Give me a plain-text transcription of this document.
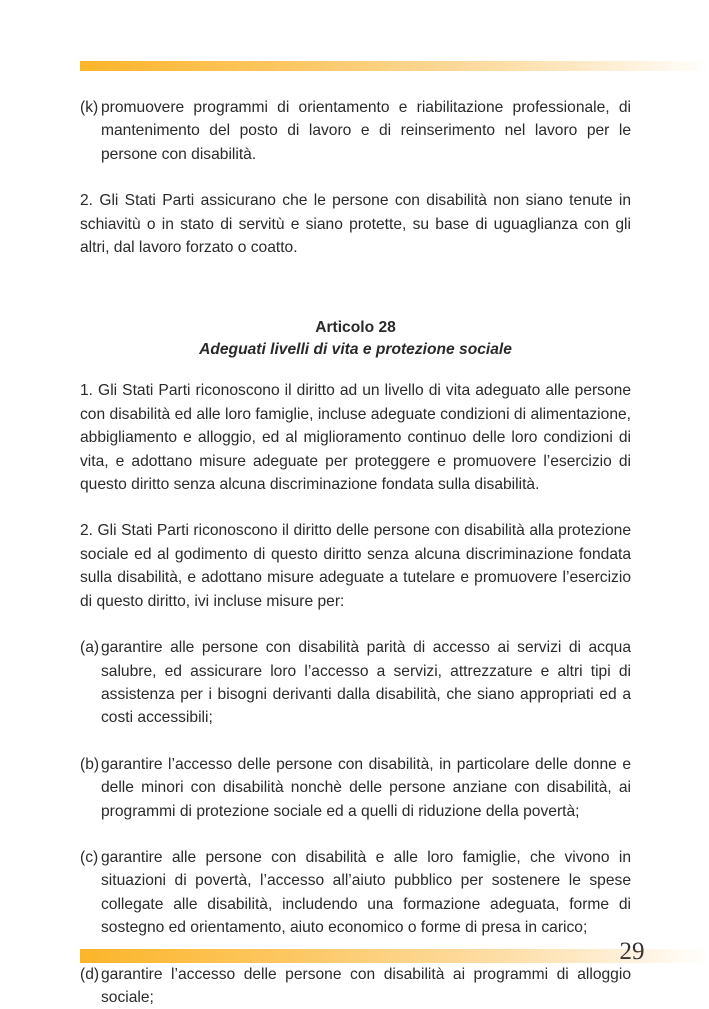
(k) promuovere programmi di orientamento e riabilitazione professionale, di mantenimento del posto di lavoro e di reinserimento nel lavoro per le persone con disabilità.

2. Gli Stati Parti assicurano che le persone con disabilità non siano tenute in schiavitù o in stato di servitù e siano protette, su base di uguaglianza con gli altri, dal lavoro forzato o coatto.

Articolo 28
Adeguati livelli di vita e protezione sociale

1. Gli Stati Parti riconoscono il diritto ad un livello di vita adeguato alle persone con disabilità ed alle loro famiglie, incluse adeguate condizioni di alimentazione, abbigliamento e alloggio, ed al miglioramento continuo delle loro condizioni di vita, e adottano misure adeguate per proteggere e promuovere l’esercizio di questo diritto senza alcuna discriminazione fondata sulla disabilità.

2. Gli Stati Parti riconoscono il diritto delle persone con disabilità alla protezione sociale ed al godimento di questo diritto senza alcuna discriminazione fondata sulla disabilità, e adottano misure adeguate a tutelare e promuovere l’esercizio di questo diritto, ivi incluse misure per:

(a) garantire alle persone con disabilità parità di accesso ai servizi di acqua salubre, ed assicurare loro l’accesso a servizi, attrezzature e altri tipi di assistenza per i bisogni derivanti dalla disabilità, che siano appropriati ed a costi accessibili;
(b) garantire l’accesso delle persone con disabilità, in particolare delle donne e delle minori con disabilità nonchè delle persone anziane con disabilità, ai programmi di protezione sociale ed a quelli di riduzione della povertà;
(c) garantire alle persone con disabilità e alle loro famiglie, che vivono in situazioni di povertà, l’accesso all’aiuto pubblico per sostenere le spese collegate alle disabilità, includendo una formazione adeguata, forme di sostegno ed orientamento, aiuto economico o forme di presa in carico;
(d) garantire l’accesso delle persone con disabilità ai programmi di alloggio sociale;
29
